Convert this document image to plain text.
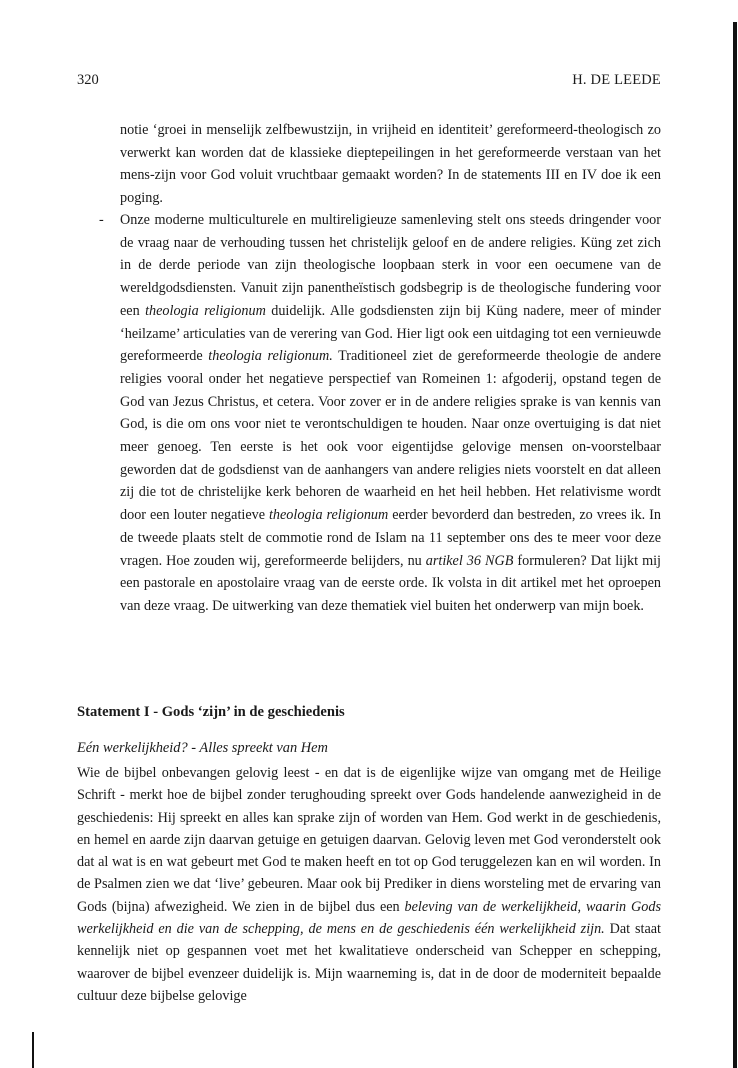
320	H. DE LEEDE

notie ‘groei in menselijk zelfbewustzijn, in vrijheid en identiteit’ gereformeerd-theologisch zo verwerkt kan worden dat de klassieke dieptepeilingen in het gereformeerde verstaan van het mens-zijn voor God voluit vruchtbaar gemaakt worden? In de statements III en IV doe ik een poging.

- Onze moderne multiculturele en multireligieuze samenleving stelt ons steeds dringender voor de vraag naar de verhouding tussen het christelijk geloof en de andere religies. Küng zet zich in de derde periode van zijn theologische loopbaan sterk in voor een oecumene van de wereldgodsdiensten. Vanuit zijn panentheïstisch godsbegrip is de theologische fundering voor een theologia religionum duidelijk. Alle godsdiensten zijn bij Küng nadere, meer of minder ‘heilzame’ articulaties van de verering van God. Hier ligt ook een uitdaging tot een vernieuwde gereformeerde theologia religionum. Traditioneel ziet de gereformeerde theologie de andere religies vooral onder het negatieve perspectief van Romeinen 1: afgoderij, opstand tegen de God van Jezus Christus, et cetera. Voor zover er in de andere religies sprake is van kennis van God, is die om ons voor niet te verontschuldigen te houden. Naar onze overtuiging is dat niet meer genoeg. Ten eerste is het ook voor eigentijdse gelovige mensen on-voorstelbaar geworden dat de godsdienst van de aanhangers van andere religies niets voorstelt en dat alleen zij die tot de christelijke kerk behoren de waarheid en het heil hebben. Het relativisme wordt door een louter negatieve theologia religionum eerder bevorderd dan bestreden, zo vrees ik. In de tweede plaats stelt de commotie rond de Islam na 11 september ons des te meer voor deze vragen. Hoe zouden wij, gereformeerde belijders, nu artikel 36 NGB formuleren? Dat lijkt mij een pastorale en apostolaire vraag van de eerste orde. Ik volsta in dit artikel met het oproepen van deze vraag. De uitwerking van deze thematiek viel buiten het onderwerp van mijn boek.

Statement I - Gods ‘zijn’ in de geschiedenis
Eén werkelijkheid? - Alles spreekt van Hem

Wie de bijbel onbevangen gelovig leest - en dat is de eigenlijke wijze van omgang met de Heilige Schrift - merkt hoe de bijbel zonder terughouding spreekt over Gods handelende aanwezigheid in de geschiedenis: Hij spreekt en alles kan sprake zijn of worden van Hem. God werkt in de geschiedenis, en hemel en aarde zijn daarvan getuige en getuigen daarvan. Gelovig leven met God veronderstelt ook dat al wat is en wat gebeurt met God te maken heeft en tot op God teruggelezen kan en wil worden. In de Psalmen zien we dat ‘live’ gebeuren. Maar ook bij Prediker in diens worsteling met de ervaring van Gods (bijna) afwezigheid. We zien in de bijbel dus een beleving van de werkelijkheid, waarin Gods werkelijkheid en die van de schepping, de mens en de geschiedenis één werkelijkheid zijn. Dat staat kennelijk niet op gespannen voet met het kwalitatieve onderscheid van Schepper en schepping, waarover de bijbel evenzeer duidelijk is. Mijn waarneming is, dat in de door de moderniteit bepaalde cultuur deze bijbelse gelovige
